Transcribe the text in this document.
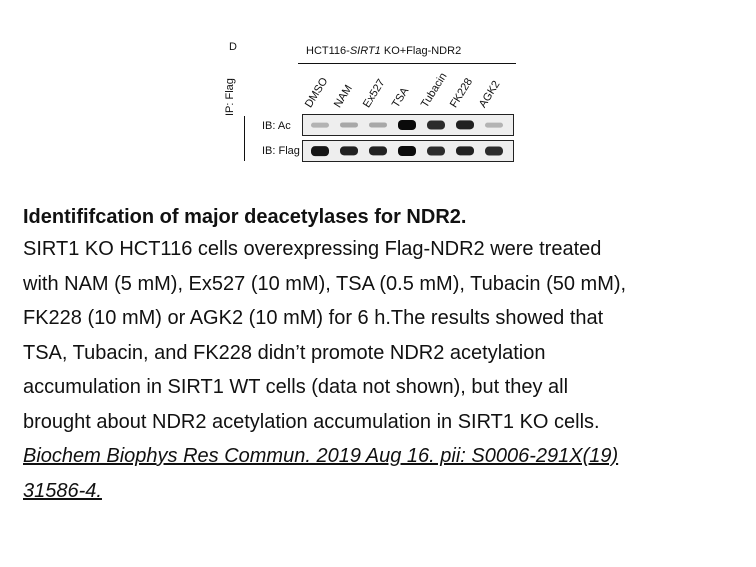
D	HCT116-SIRT1 KO+Flag-NDR2
DMSO NAM Ex527 TSA Tubacin
FK228 AGK2
IP: Flag
IB: Ac
IB: Flag
Identififcation of major deacetylases for NDR2.
SIRT1 KO HCT116 cells overexpressing Flag-NDR2 were treated
with NAM (5 mM), Ex527 (10 mM), TSA (0.5 mM), Tubacin (50 mM),
FK228 (10 mM) or AGK2 (10 mM) for 6 h.The results showed that
TSA, Tubacin, and FK228 didn’t promote NDR2 acetylation
accumulation in SIRT1 WT cells (data not shown), but they all
brought about NDR2 acetylation accumulation in SIRT1 KO cells.
Biochem Biophys Res Commun. 2019 Aug 16. pii: S0006-291X(19)
31586-4.
